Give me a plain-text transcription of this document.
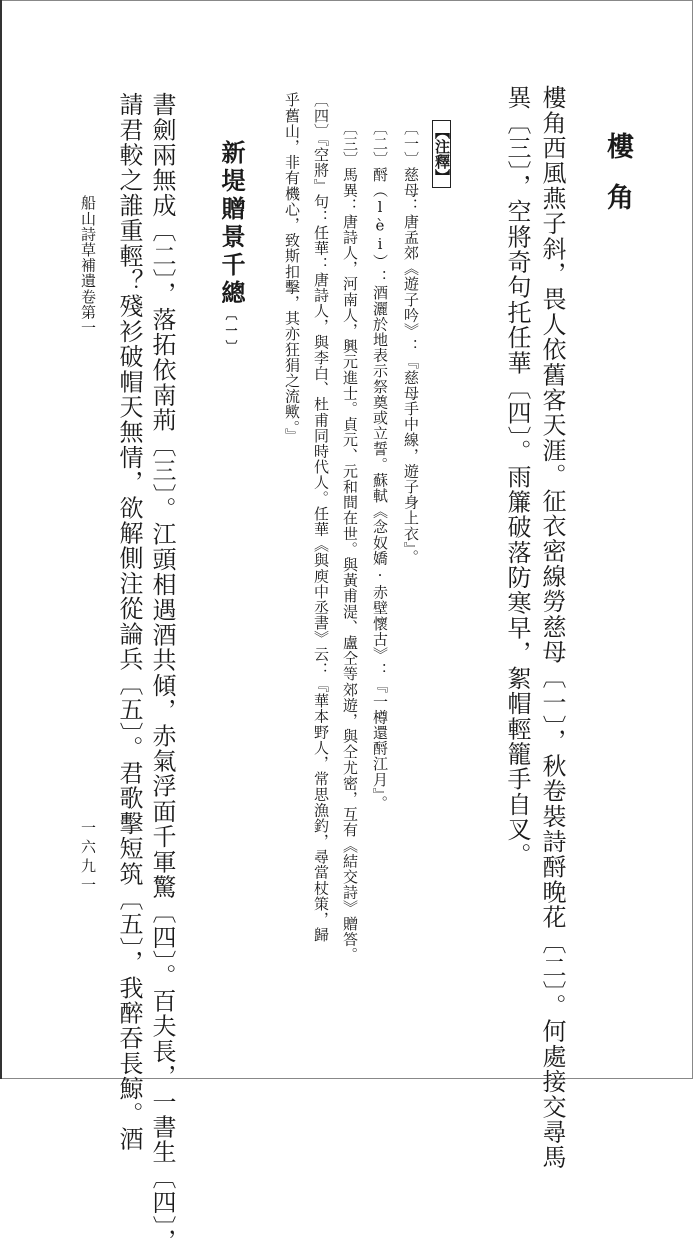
樓角
樓角西風燕子斜，畏人依舊客天涯。征衣密線勞慈母〔一〕，秋卷裝詩酹晚花〔二〕。何處接交尋馬
異〔三〕，空將奇句托任華〔四〕。雨簾破落防寒早，絮帽輕籠手自叉。
【注釋】
〔一〕慈母：唐孟郊《遊子吟》：『慈母手中線，遊子身上衣』。
〔二〕酹（lèi）：酒灑於地表示祭奠或立誓。蘇軾《念奴嬌·赤壁懷古》：『一樽還酹江月』。
〔三〕馬異：唐詩人，河南人，興元進士。貞元、元和間在世。與黃甫湜、盧仝等郊遊，與仝尤密，互有《結交詩》贈答。
〔四〕『空將』句：任華：唐詩人，與李白、杜甫同時代人。任華《與庾中丞書》云：『華本野人，常思漁釣，尋當杖策，歸
乎舊山，非有機心，致斯扣擊，其亦狂狷之流歟。』
新堤贈景千總〔一〕
書劍兩無成〔二〕，落拓依南荊〔三〕。江頭相遇酒共傾，赤氣浮面千軍驚〔四〕。百夫長，一書生〔四〕，
請君較之誰重輕？殘衫破帽天無情，欲解側注從論兵〔五〕。君歌擊短筑〔五〕，我醉吞長鯨。酒
船山詩草補遺卷第一
一六九一
